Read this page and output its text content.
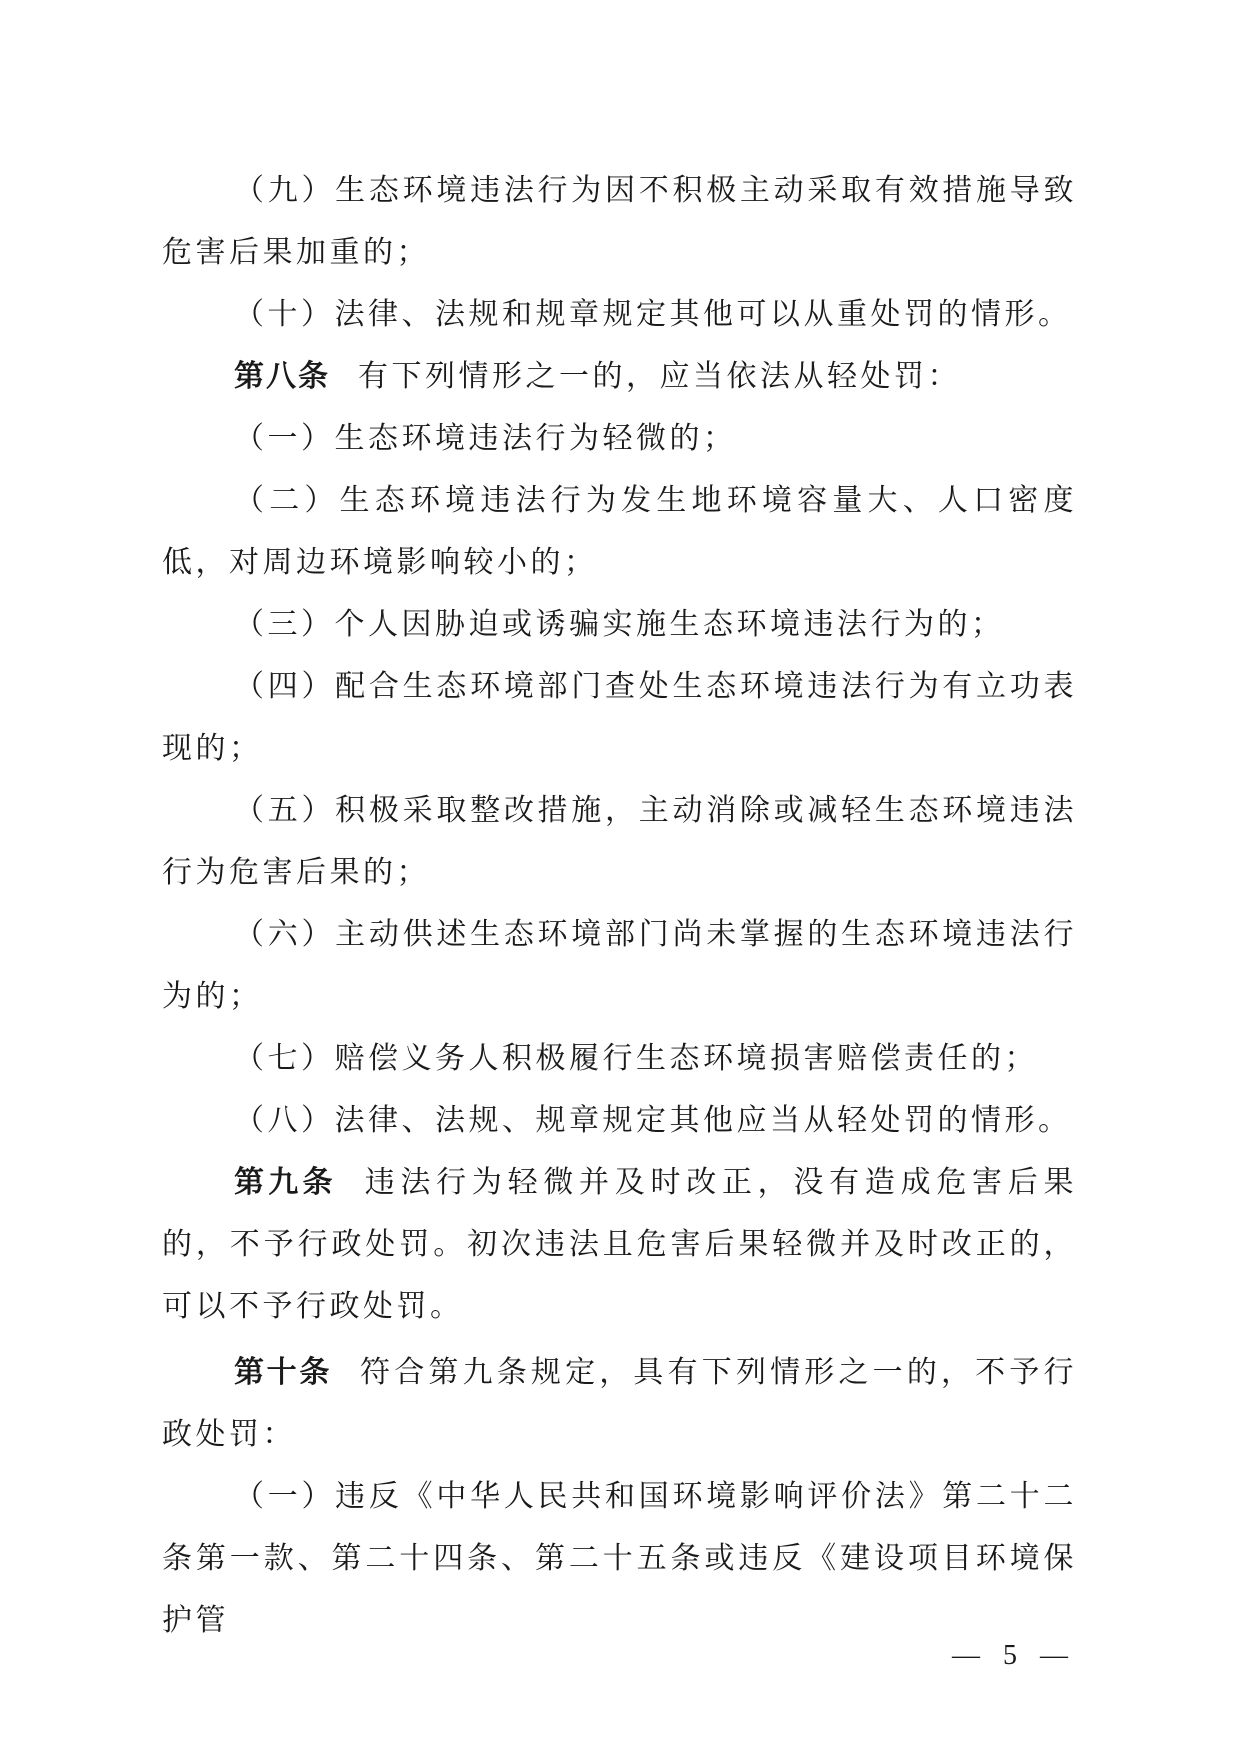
（九）生态环境违法行为因不积极主动采取有效措施导致危害后果加重的；

（十）法律、法规和规章规定其他可以从重处罚的情形。

第八条 有下列情形之一的，应当依法从轻处罚：

（一）生态环境违法行为轻微的；

（二）生态环境违法行为发生地环境容量大、人口密度低，对周边环境影响较小的；

（三）个人因胁迫或诱骗实施生态环境违法行为的；

（四）配合生态环境部门查处生态环境违法行为有立功表现的；

（五）积极采取整改措施，主动消除或减轻生态环境违法行为危害后果的；

（六）主动供述生态环境部门尚未掌握的生态环境违法行为的；

（七）赔偿义务人积极履行生态环境损害赔偿责任的；

（八）法律、法规、规章规定其他应当从轻处罚的情形。

第九条 违法行为轻微并及时改正，没有造成危害后果的，不予行政处罚。初次违法且危害后果轻微并及时改正的，可以不予行政处罚。

第十条 符合第九条规定，具有下列情形之一的，不予行政处罚：

（一）违反《中华人民共和国环境影响评价法》第二十二条第一款、第二十四条、第二十五条或违反《建设项目环境保护管

— 5 —
